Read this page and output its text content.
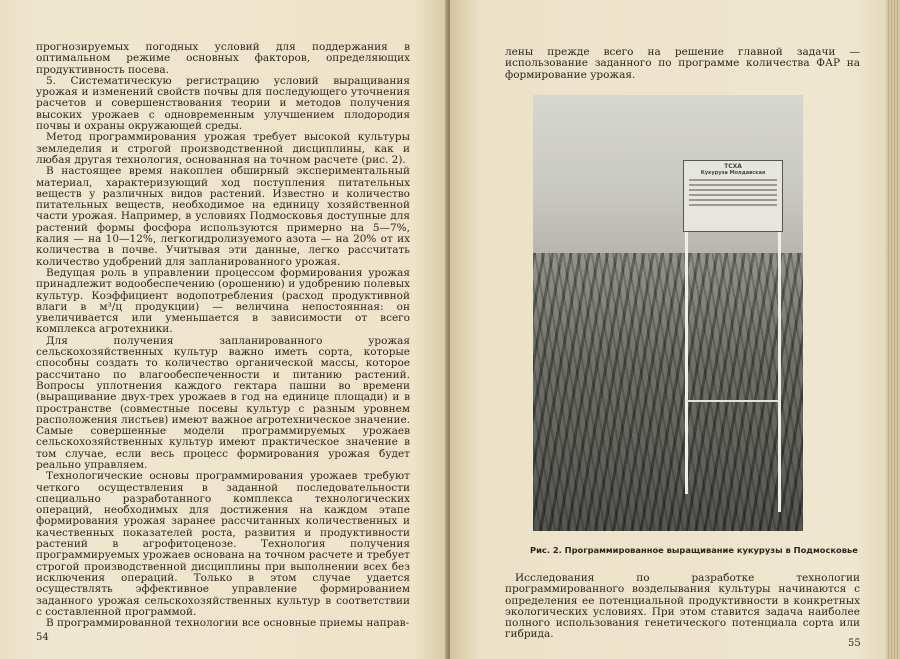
прогнозируемых погодных условий для поддержания в оптимальном режиме основных факторов, определяющих продуктивность посева.

5. Систематическую регистрацию условий выращивания урожая и изменений свойств почвы для последующего уточнения расчетов и совершенствования теории и методов получения высоких урожаев с одновременным улучшением плодородия почвы и охраны окружающей среды.

Метод программирования урожая требует высокой культуры земледелия и строгой производственной дисциплины, как и любая другая технология, основанная на точном расчете (рис. 2).

В настоящее время накоплен обширный экспериментальный материал, характеризующий ход поступления питательных веществ у различных видов растений. Известно и количество питательных веществ, необходимое на единицу хозяйственной части урожая. Например, в условиях Подмосковья доступные для растений формы фосфора используются примерно на 5—7%, калия — на 10—12%, легкогидролизуемого азота — на 20% от их количества в почве. Учитывая эти данные, легко рассчитать количество удобрений для запланированного урожая.

Ведущая роль в управлении процессом формирования урожая принадлежит водообеспечению (орошению) и удобрению полевых культур. Коэффициент водопотребления (расход продуктивной влаги в м³/ц продукции) — величина непостоянная: он увеличивается или уменьшается в зависимости от всего комплекса агротехники.

Для получения запланированного урожая сельскохозяйственных культур важно иметь сорта, которые способны создать то количество органической массы, которое рассчитано по влагообеспеченности и питанию растений. Вопросы уплотнения каждого гектара пашни во времени (выращивание двух-трех урожаев в год на единице площади) и в пространстве (совместные посевы культур с разным уровнем расположения листьев) имеют важное агротехническое значение. Самые совершенные модели программируемых урожаев сельскохозяйственных культур имеют практическое значение в том случае, если весь процесс формирования урожая будет реально управляем.

Технологические основы программирования урожаев требуют четкого осуществления в заданной последовательности специально разработанного комплекса технологических операций, необходимых для достижения на каждом этапе формирования урожая заранее рассчитанных количественных и качественных показателей роста, развития и продуктивности растений в агрофитоценозе. Технология получения программируемых урожаев основана на точном расчете и требует строгой производственной дисциплины при выполнении всех без исключения операций. Только в этом случае удается осуществлять эффективное управление формированием заданного урожая сельскохозяйственных культур в соответствии с составленной программой.

В программированной технологии все основные приемы направ-

54

лены прежде всего на решение главной задачи — использование заданного по программе количества ФАР на формирование урожая.

ТСХА
Кукуруза Молдавская
Рис. 2. Программированное выращивание кукурузы в Подмосковье

Исследования по разработке технологии программированного возделывания культуры начинаются с определения ее потенциальной продуктивности в конкретных экологических условиях. При этом ставится задача наиболее полного использования генетического потенциала сорта или гибрида.

55
